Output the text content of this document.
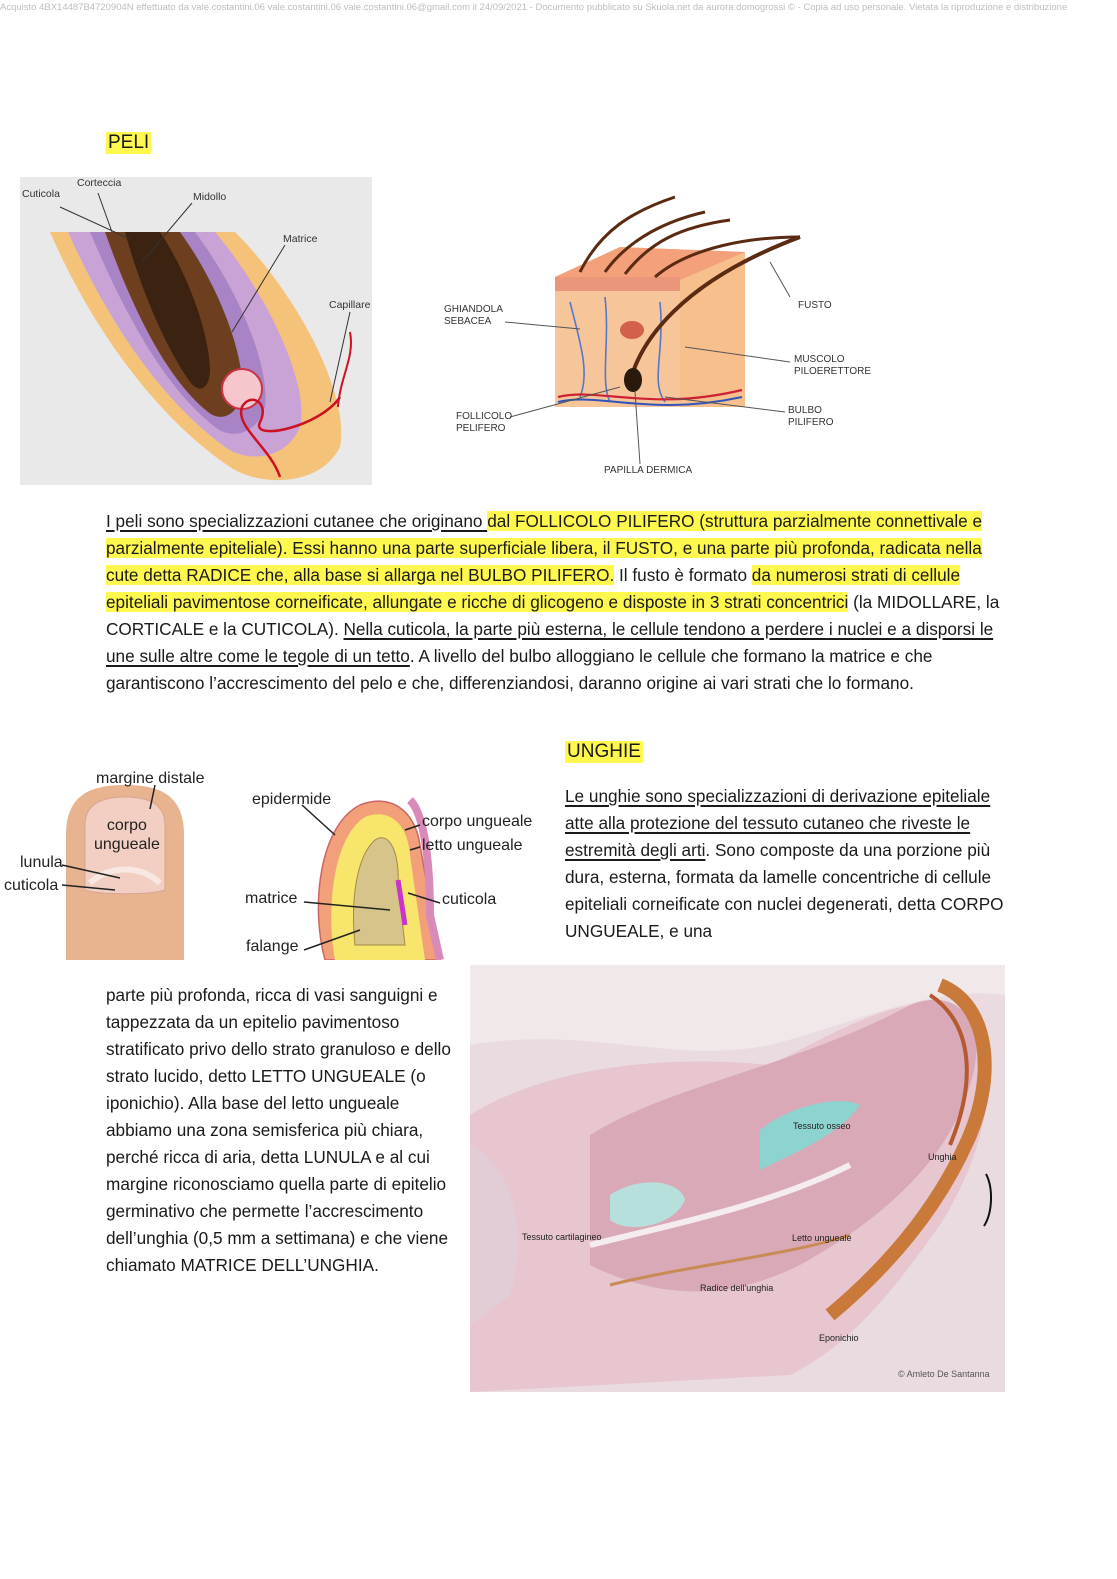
Acquisto 4BX14487B4720904N effettuato da vale.costantini.06 vale.costantini.06 vale.costantini.06@gmail.com il 24/09/2021 - Documento pubblicato su Skuola.net da aurora.domogrossi © - Copia ad uso personale. Vietata la riproduzione e distribuzione
PELI
Cuticola
Corteccia
Midollo
Matrice
Capillare	GHIANDOLA
SEBACEA
FUSTO
MUSCOLO
PILOERETTORE
BULBO
PILIFERO
FOLLICOLO
PELIFERO
PAPILLA DERMICA

I peli sono specializzazioni cutanee che originano dal FOLLICOLO PILIFERO (struttura parzialmente connettivale e parzialmente epiteliale). Essi hanno una parte superficiale libera, il FUSTO, e una parte più profonda, radicata nella cute detta RADICE che, alla base si allarga nel BULBO PILIFERO. Il fusto è formato da numerosi strati di cellule epiteliali pavimentose corneificate, allungate e ricche di glicogeno e disposte in 3 strati concentrici (la MIDOLLARE, la CORTICALE e la CUTICOLA). Nella cuticola, la parte più esterna, le cellule tendono a perdere i nuclei e a disporsi le une sulle altre come le tegole di un tetto. A livello del bulbo alloggiano le cellule che formano la matrice e che garantiscono l’accrescimento del pelo e che, differenziandosi, daranno origine ai vari strati che lo formano.

margine distale
corpo
ungueale
lunula
cuticola
epidermide
corpo ungueale
letto ungueale
matrice	cuticola
falange
UNGHIE

Le unghie sono specializzazioni di derivazione epiteliale atte alla protezione del tessuto cutaneo che riveste le estremità degli arti. Sono composte da una porzione più dura, esterna, formata da lamelle concentriche di cellule epiteliali corneificate con nuclei degenerati, detta CORPO UNGUEALE, e una

parte più profonda, ricca di vasi sanguigni e tappezzata da un epitelio pavimentoso stratificato privo dello strato granuloso e dello strato lucido, detto LETTO UNGUEALE (o iponichio). Alla base del letto ungueale abbiamo una zona semisferica più chiara, perché ricca di aria, detta LUNULA e al cui margine riconosciamo quella parte di epitelio germinativo che permette l’accrescimento dell’unghia (0,5 mm a settimana) e che viene chiamato MATRICE DELL’UNGHIA.

Tessuto osseo
Unghia
Tessuto cartilagineo	Letto ungueale
Radice dell'unghia
Eponichio
© Amleto De Santanna
